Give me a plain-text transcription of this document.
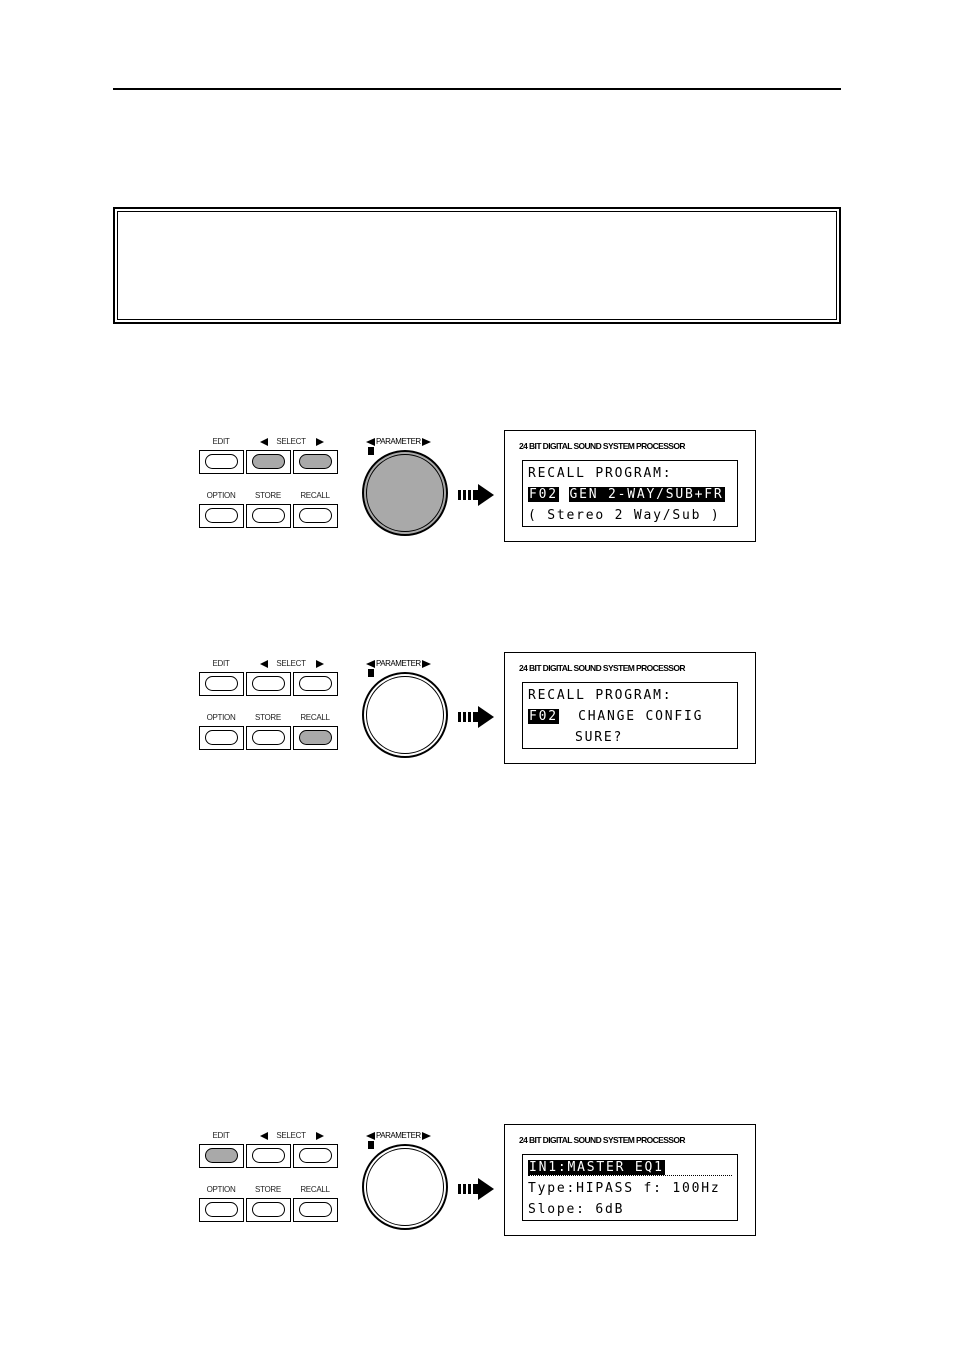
EDIT	SELECT
OPTION	STORE	RECALL
PARAMETER	24 BIT DIGITAL SOUND SYSTEM PROCESSOR
RECALL PROGRAM:
F02 GEN 2-WAY/SUB+FR
( Stereo 2 Way/Sub )
EDIT	SELECT
OPTION	STORE	RECALL
PARAMETER	24 BIT DIGITAL SOUND SYSTEM PROCESSOR
RECALL PROGRAM:
F02 CHANGE CONFIG
SURE?
EDIT	SELECT
OPTION	STORE	RECALL
PARAMETER	24 BIT DIGITAL SOUND SYSTEM PROCESSOR
IN1:MASTER EQ1
Type:HIPASS f: 100Hz
Slope: 6dB
